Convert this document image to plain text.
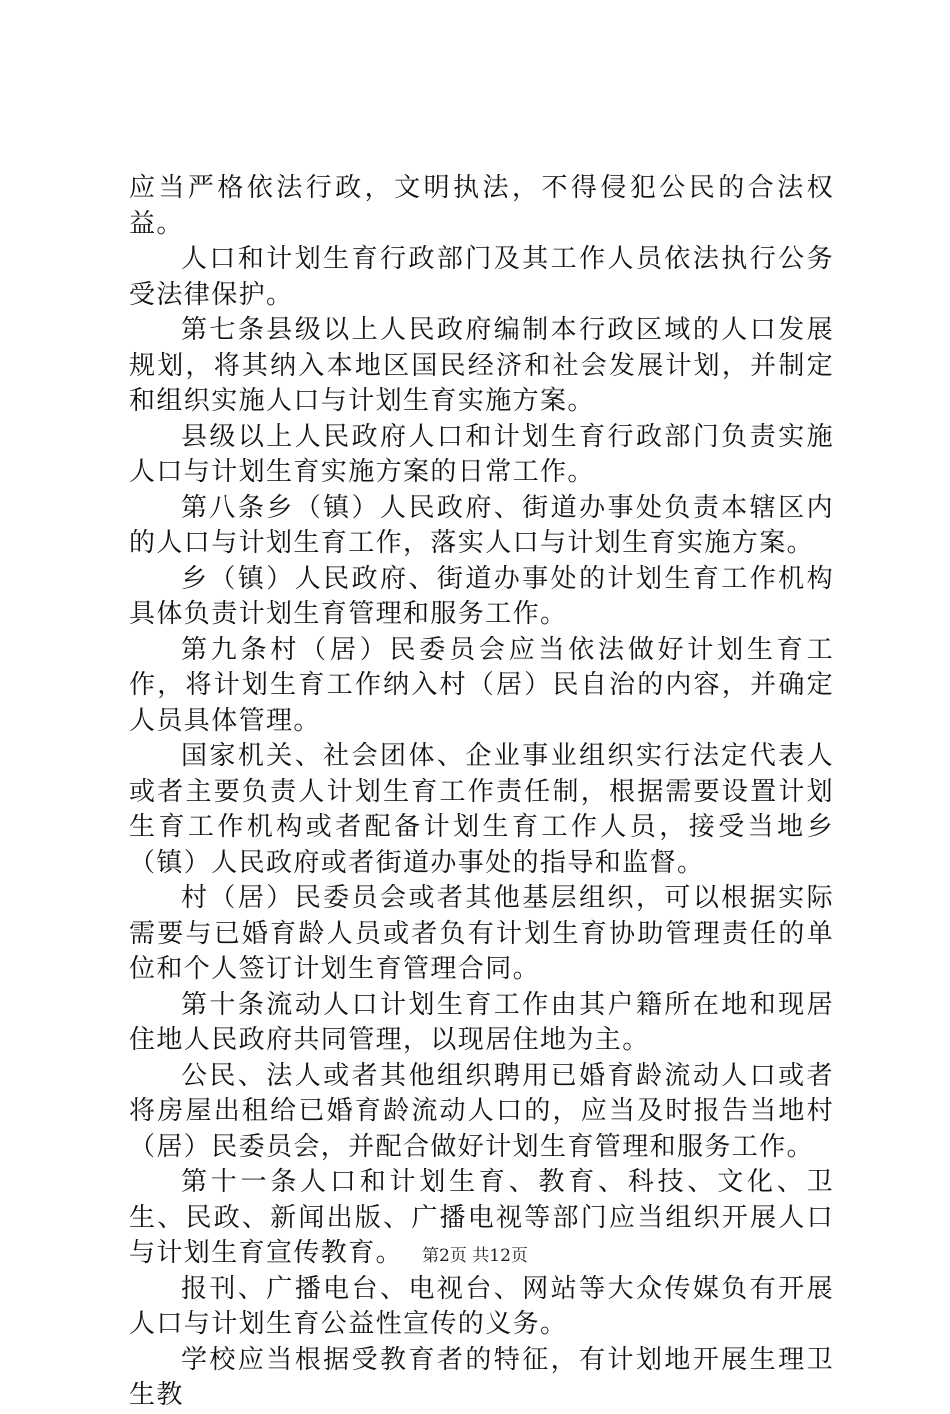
应当严格依法行政，文明执法，不得侵犯公民的合法权益。

人口和计划生育行政部门及其工作人员依法执行公务受法律保护。

第七条县级以上人民政府编制本行政区域的人口发展规划，将其纳入本地区国民经济和社会发展计划，并制定和组织实施人口与计划生育实施方案。

县级以上人民政府人口和计划生育行政部门负责实施人口与计划生育实施方案的日常工作。

第八条乡（镇）人民政府、街道办事处负责本辖区内的人口与计划生育工作，落实人口与计划生育实施方案。

乡（镇）人民政府、街道办事处的计划生育工作机构具体负责计划生育管理和服务工作。

第九条村（居）民委员会应当依法做好计划生育工作，将计划生育工作纳入村（居）民自治的内容，并确定人员具体管理。

国家机关、社会团体、企业事业组织实行法定代表人或者主要负责人计划生育工作责任制，根据需要设置计划生育工作机构或者配备计划生育工作人员，接受当地乡（镇）人民政府或者街道办事处的指导和监督。

村（居）民委员会或者其他基层组织，可以根据实际需要与已婚育龄人员或者负有计划生育协助管理责任的单位和个人签订计划生育管理合同。

第十条流动人口计划生育工作由其户籍所在地和现居住地人民政府共同管理，以现居住地为主。

公民、法人或者其他组织聘用已婚育龄流动人口或者将房屋出租给已婚育龄流动人口的，应当及时报告当地村（居）民委员会，并配合做好计划生育管理和服务工作。

第十一条人口和计划生育、教育、科技、文化、卫生、民政、新闻出版、广播电视等部门应当组织开展人口与计划生育宣传教育。

报刊、广播电台、电视台、网站等大众传媒负有开展人口与计划生育公益性宣传的义务。

学校应当根据受教育者的特征，有计划地开展生理卫生教

第2页 共12页
